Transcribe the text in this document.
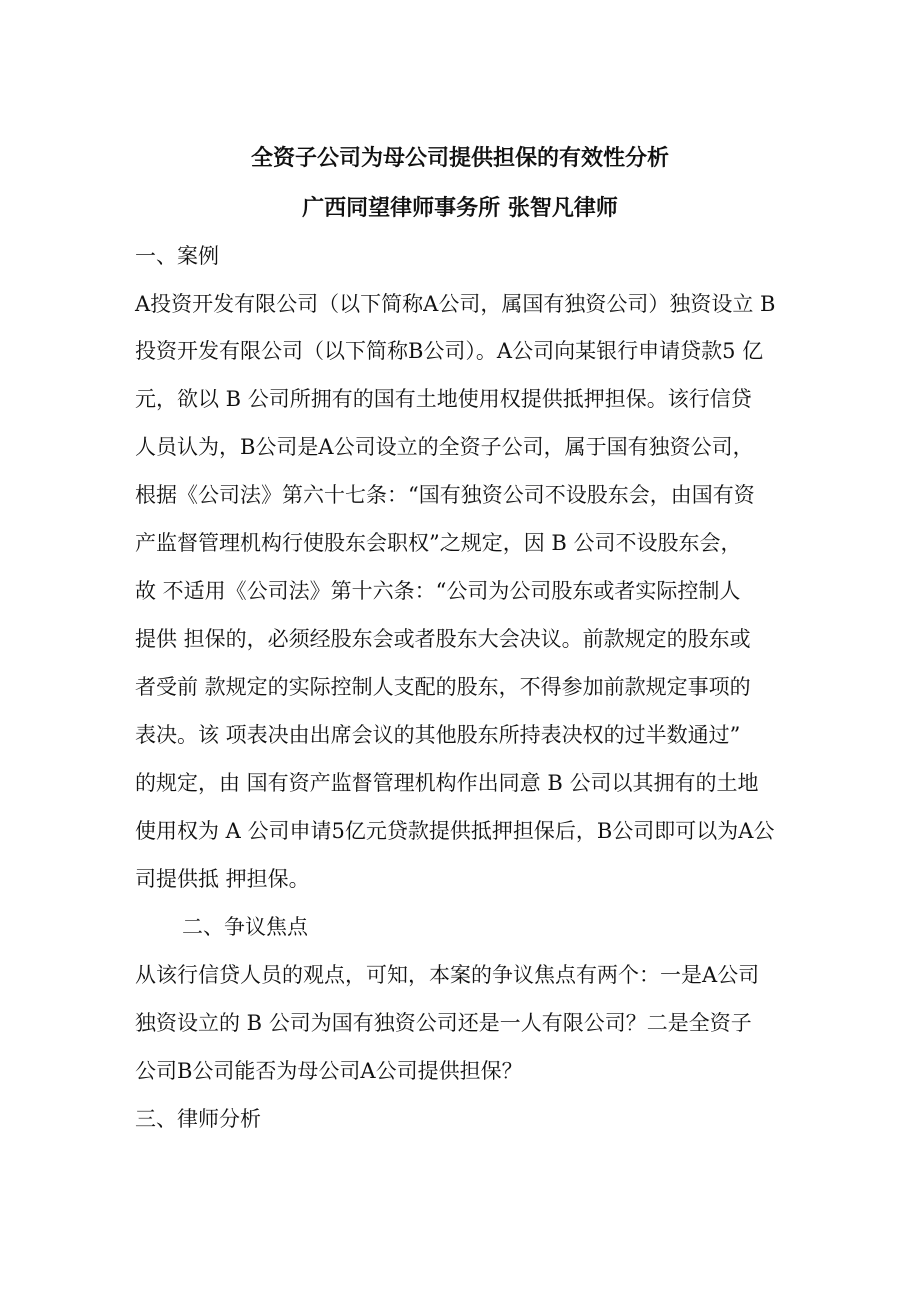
全资子公司为母公司提供担保的有效性分析
广西同望律师事务所 张智凡律师

一、案例

A投资开发有限公司（以下简称A公司，属国有独资公司）独资设立 B

投资开发有限公司（以下简称B公司）。A公司向某银行申请贷款5 亿

元，欲以 B 公司所拥有的国有土地使用权提供抵押担保。该行信贷

人员认为，B公司是A公司设立的全资子公司，属于国有独资公司，

根据《公司法》第六十七条：“国有独资公司不设股东会，由国有资

产监督管理机构行使股东会职权”之规定，因 B 公司不设股东会，

故 不适用《公司法》第十六条：“公司为公司股东或者实际控制人

提供 担保的，必须经股东会或者股东大会决议。前款规定的股东或

者受前 款规定的实际控制人支配的股东，不得参加前款规定事项的

表决。该 项表决由出席会议的其他股东所持表决权的过半数通过”

的规定，由 国有资产监督管理机构作出同意 B 公司以其拥有的土地

使用权为 A 公司申请5亿元贷款提供抵押担保后，B公司即可以为A公

司提供抵 押担保。

二、争议焦点

从该行信贷人员的观点，可知，本案的争议焦点有两个：一是A公司

独资设立的 B 公司为国有独资公司还是一人有限公司？二是全资子

公司B公司能否为母公司A公司提供担保？

三、律师分析
